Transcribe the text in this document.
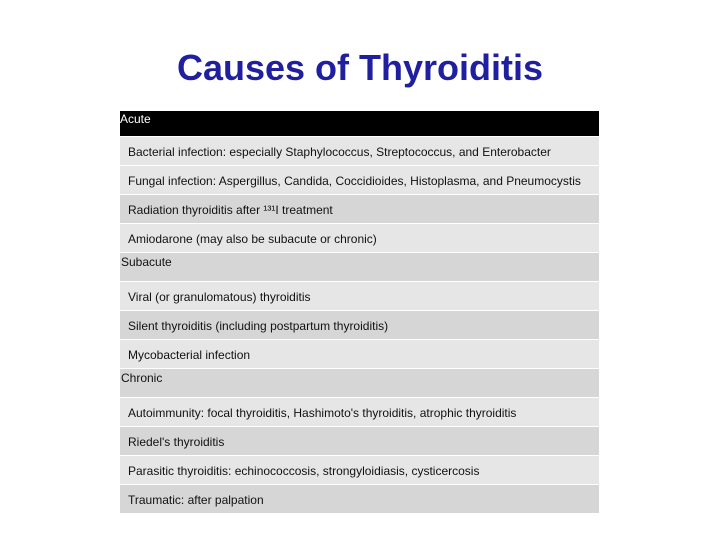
Causes of Thyroiditis
Acute
Bacterial infection: especially Staphylococcus, Streptococcus, and Enterobacter
Fungal infection: Aspergillus, Candida, Coccidioides, Histoplasma, and Pneumocystis
Radiation thyroiditis after ¹³¹I treatment
Amiodarone (may also be subacute or chronic)
Subacute
Viral (or granulomatous) thyroiditis
Silent thyroiditis (including postpartum thyroiditis)
Mycobacterial infection
Chronic
Autoimmunity: focal thyroiditis, Hashimoto's thyroiditis, atrophic thyroiditis
Riedel's thyroiditis
Parasitic thyroiditis: echinococcosis, strongyloidiasis, cysticercosis
Traumatic: after palpation
